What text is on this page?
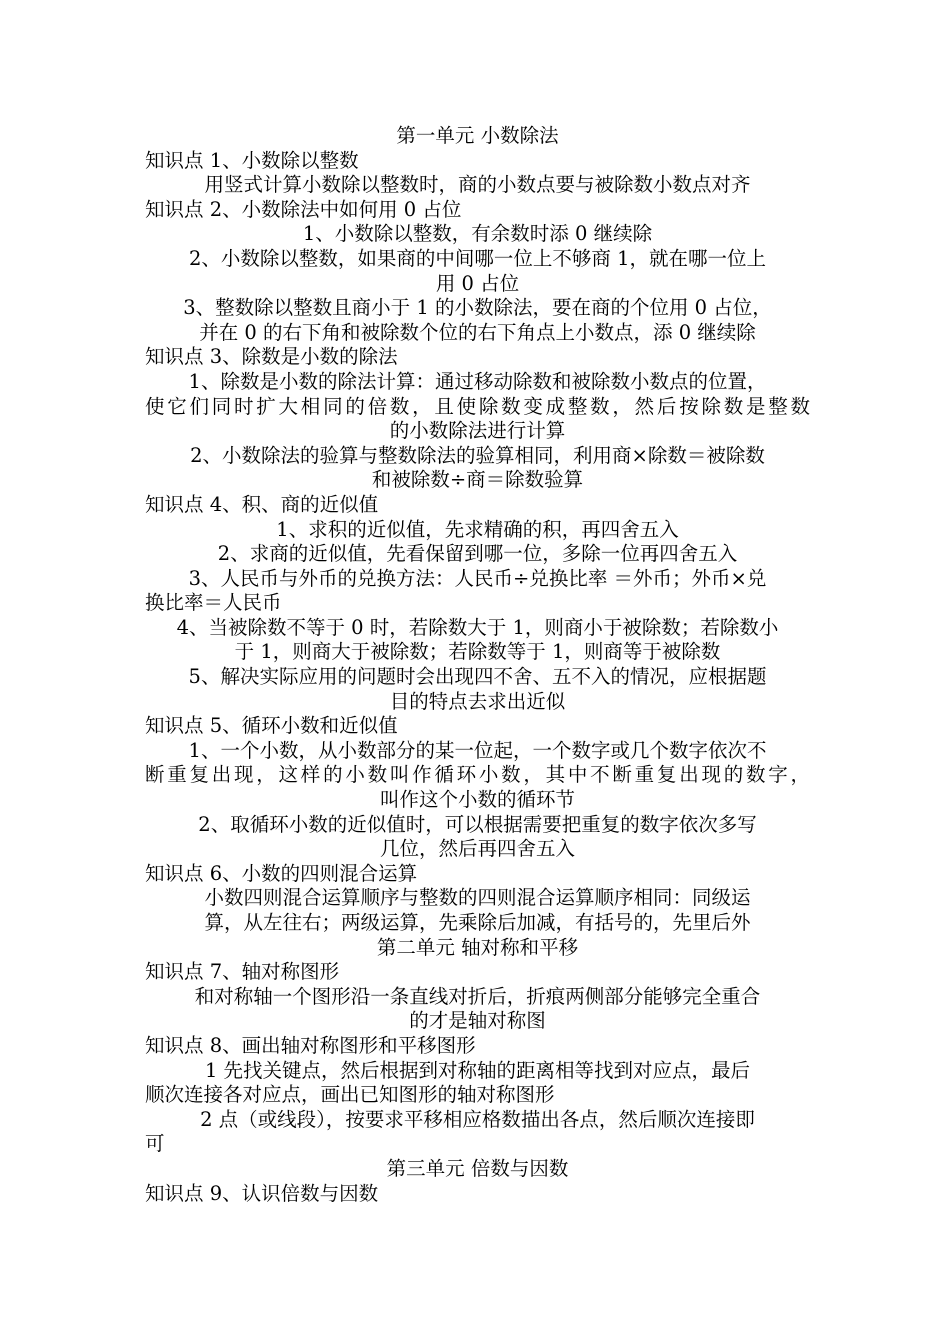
第一单元 小数除法
知识点 1、小数除以整数
用竖式计算小数除以整数时，商的小数点要与被除数小数点对齐
知识点 2、小数除法中如何用 0 占位
1、小数除以整数，有余数时添 0 继续除
2、小数除以整数，如果商的中间哪一位上不够商 1，就在哪一位上
用 0 占位
3、整数除以整数且商小于 1 的小数除法，要在商的个位用 0 占位，
并在 0 的右下角和被除数个位的右下角点上小数点，添 0 继续除
知识点 3、除数是小数的除法
1、除数是小数的除法计算：通过移动除数和被除数小数点的位置，
使它们同时扩大相同的倍数，且使除数变成整数，然后按除数是整数
的小数除法进行计算
2、小数除法的验算与整数除法的验算相同，利用商×除数＝被除数
和被除数÷商＝除数验算
知识点 4、积、商的近似值
1、求积的近似值，先求精确的积，再四舍五入
2、求商的近似值，先看保留到哪一位，多除一位再四舍五入
3、人民币与外币的兑换方法：人民币÷兑换比率 ＝外币；外币×兑
换比率＝人民币
4、当被除数不等于 0 时，若除数大于 1，则商小于被除数；若除数小
于 1，则商大于被除数；若除数等于 1，则商等于被除数
5、解决实际应用的问题时会出现四不舍、五不入的情况，应根据题
目的特点去求出近似
知识点 5、循环小数和近似值
1、一个小数，从小数部分的某一位起，一个数字或几个数字依次不
断重复出现，这样的小数叫作循环小数，其中不断重复出现的数字，
叫作这个小数的循环节
2、取循环小数的近似值时，可以根据需要把重复的数字依次多写
几位，然后再四舍五入
知识点 6、小数的四则混合运算
小数四则混合运算顺序与整数的四则混合运算顺序相同：同级运
算，从左往右；两级运算，先乘除后加减，有括号的，先里后外
第二单元 轴对称和平移
知识点 7、轴对称图形
和对称轴一个图形沿一条直线对折后，折痕两侧部分能够完全重合
的才是轴对称图
知识点 8、画出轴对称图形和平移图形
1 先找关键点，然后根据到对称轴的距离相等找到对应点，最后
顺次连接各对应点，画出已知图形的轴对称图形
2 点（或线段），按要求平移相应格数描出各点，然后顺次连接即
可
第三单元 倍数与因数
知识点 9、认识倍数与因数
